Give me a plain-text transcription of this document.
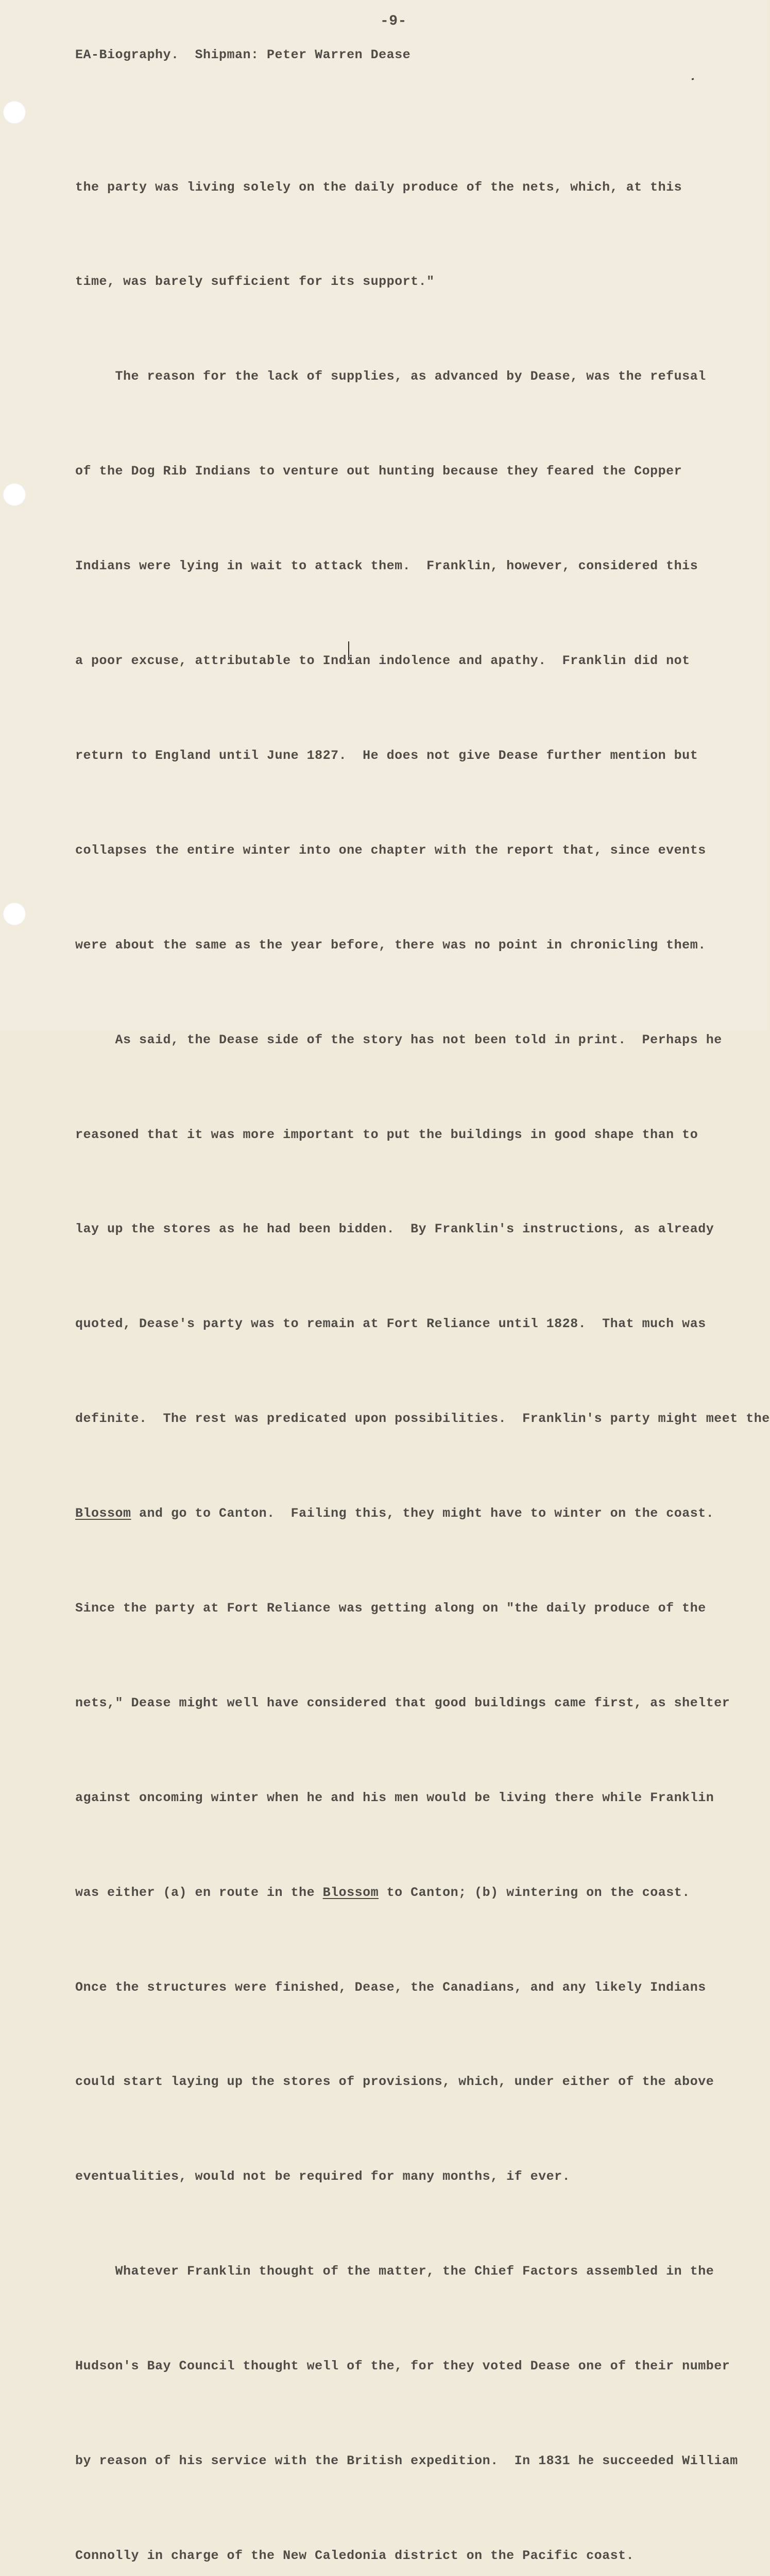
-9-

EA-Biography.  Shipman: Peter Warren Dease

the party was living solely on the daily produce of the nets, which, at this

time, was barely sufficient for its support."

The reason for the lack of supplies, as advanced by Dease, was the refusal

of the Dog Rib Indians to venture out hunting because they feared the Copper

Indians were lying in wait to attack them.  Franklin, however, considered this

a poor excuse, attributable to Indian indolence and apathy.  Franklin did not

return to England until June 1827.  He does not give Dease further mention but

collapses the entire winter into one chapter with the report that, since events

were about the same as the year before, there was no point in chronicling them.

As said, the Dease side of the story has not been told in print.  Perhaps he

reasoned that it was more important to put the buildings in good shape than to

lay up the stores as he had been bidden.  By Franklin's instructions, as already

quoted, Dease's party was to remain at Fort Reliance until 1828.  That much was

definite.  The rest was predicated upon possibilities.  Franklin's party might meet the

Blossom and go to Canton.  Failing this, they might have to winter on the coast.

Since the party at Fort Reliance was getting along on "the daily produce of the

nets," Dease might well have considered that good buildings came first, as shelter

against oncoming winter when he and his men would be living there while Franklin

was either (a) en route in the Blossom to Canton; (b) wintering on the coast.

Once the structures were finished, Dease, the Canadians, and any likely Indians

could start laying up the stores of provisions, which, under either of the above

eventualities, would not be required for many months, if ever.

Whatever Franklin thought of the matter, the Chief Factors assembled in the

Hudson's Bay Council thought well of the, for they voted Dease one of their number

by reason of his service with the British expedition.  In 1831 he succeeded William

Connolly in charge of the New Caledonia district on the Pacific coast.
